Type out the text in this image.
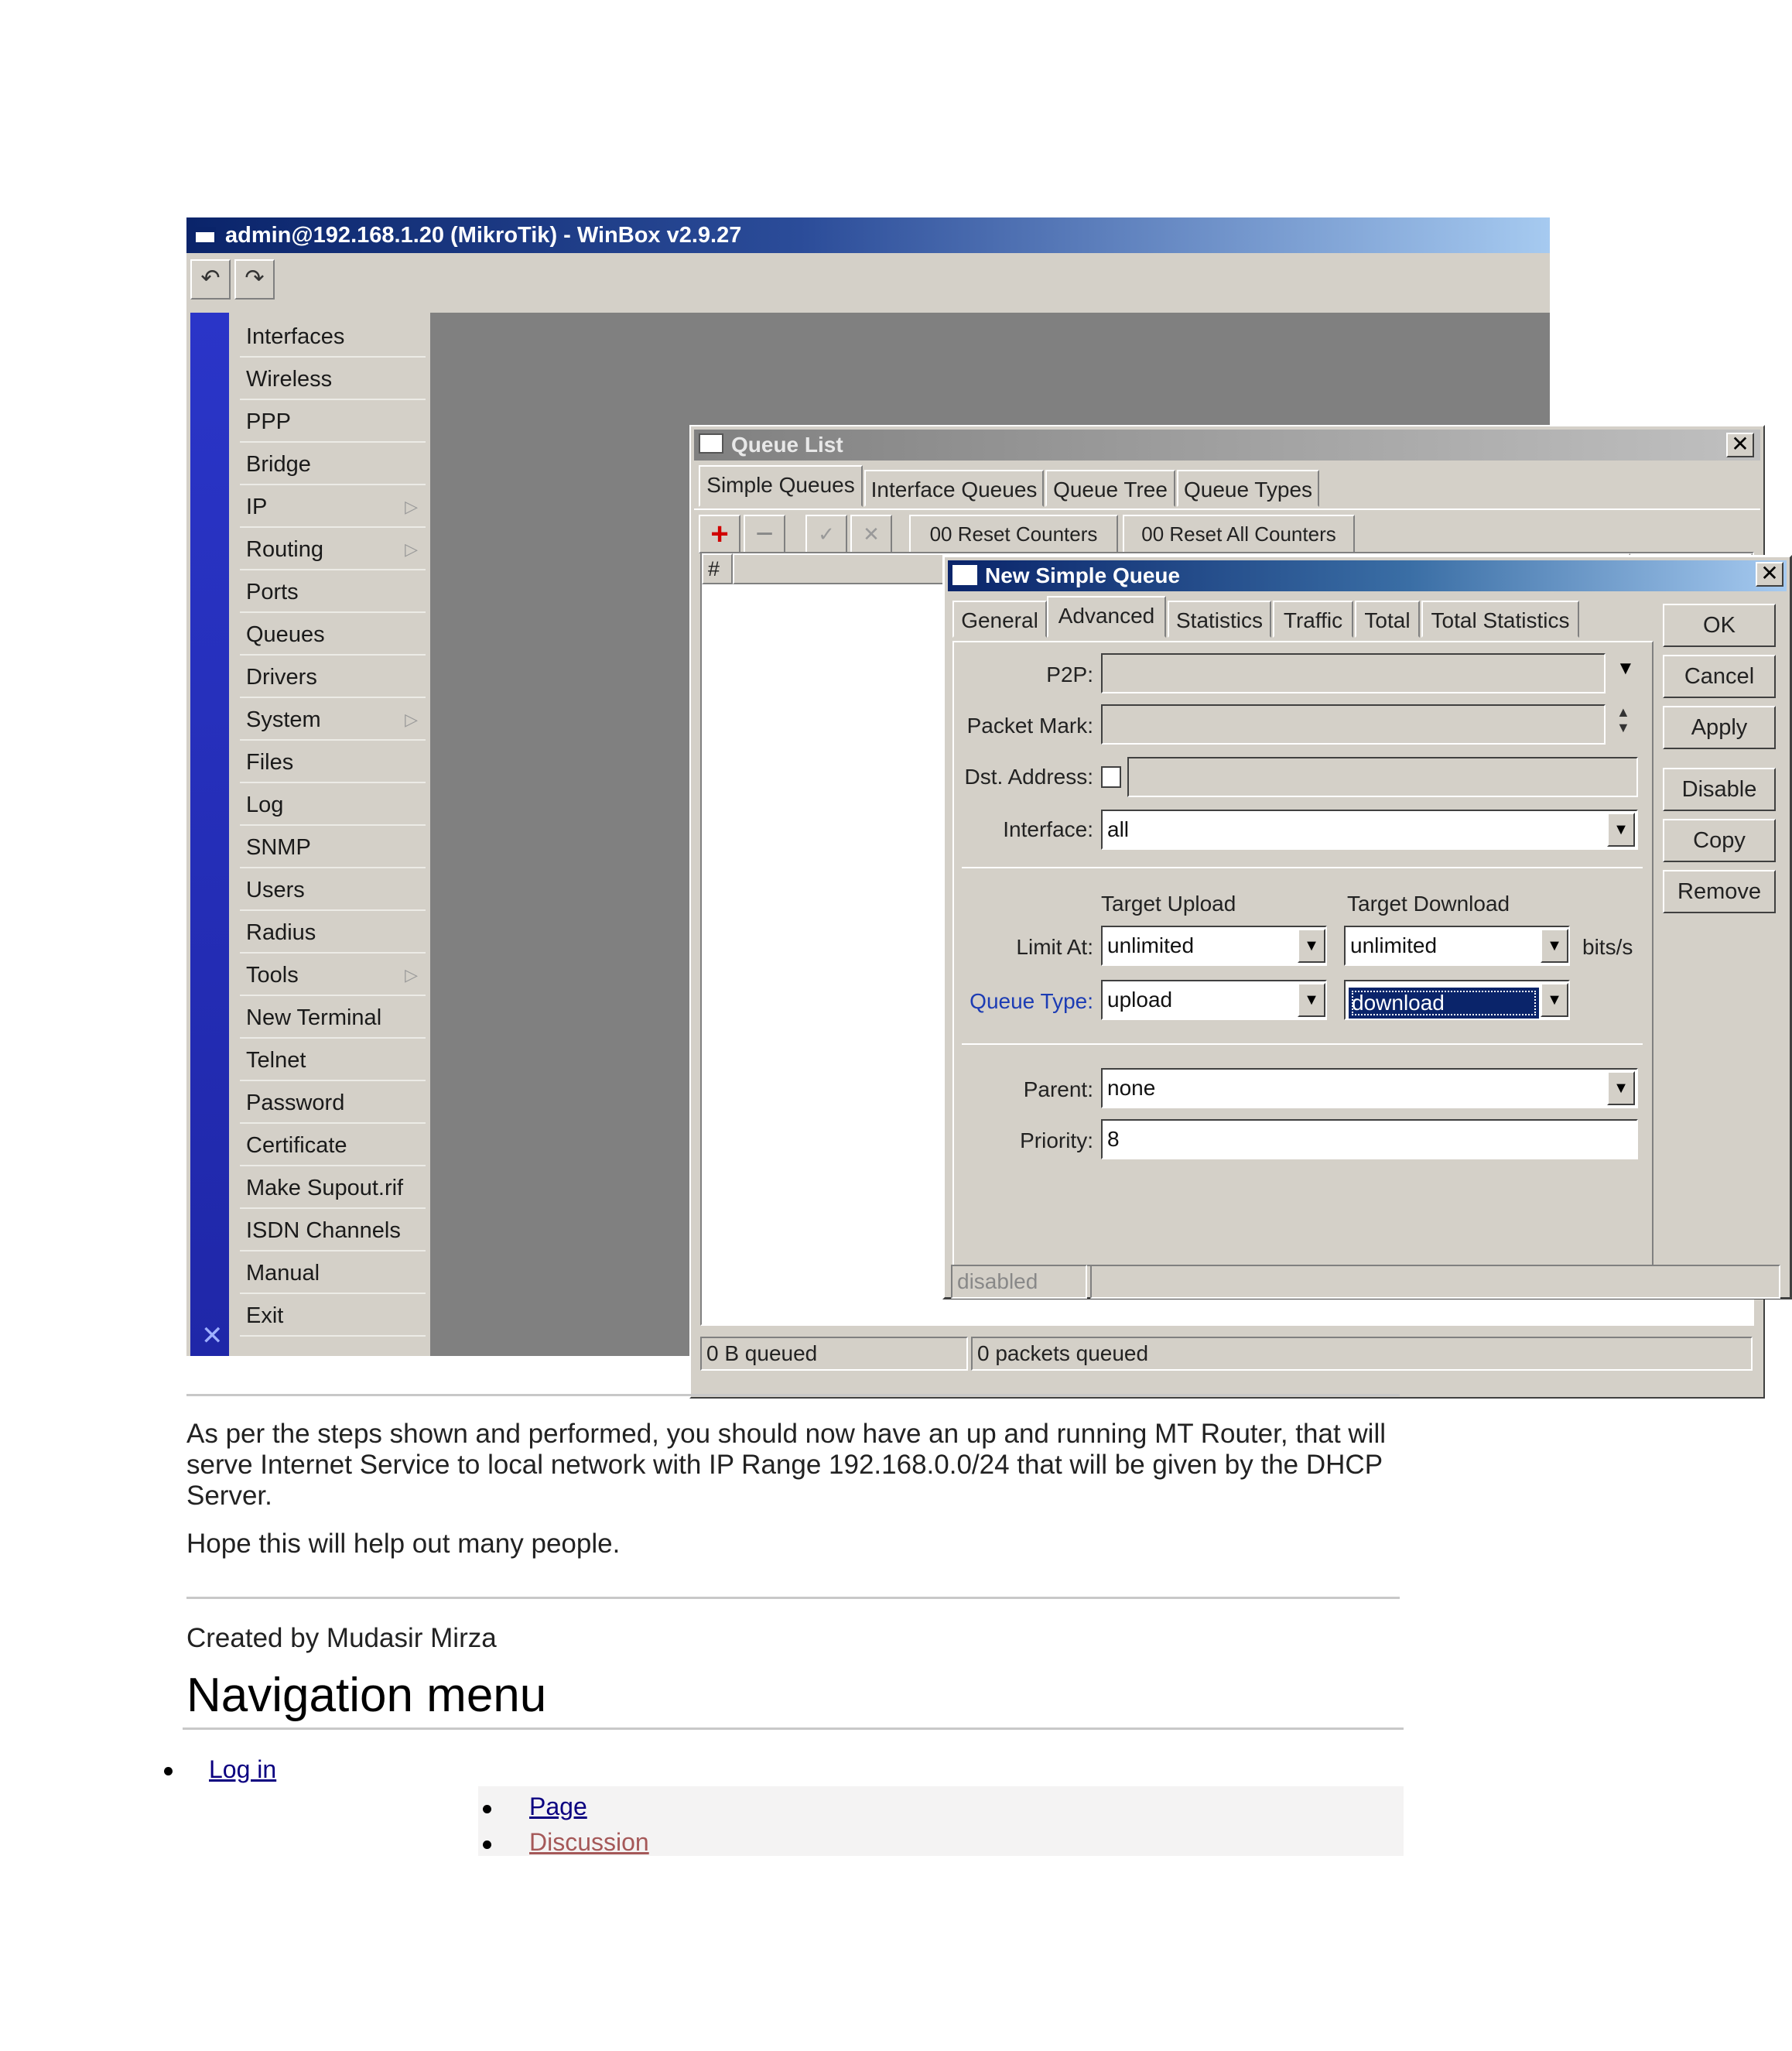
admin@192.168.1.20 (MikroTik) - WinBox v2.9.27
↶	↷
✕
Interfaces
Wireless
PPP
Bridge
IP	▷
Routing	▷
Ports
Queues
Drivers
System	▷
Files
Log
SNMP
Users
Radius
Tools	▷
New Terminal
Telnet
Password
Certificate
Make Supout.rif
ISDN Channels
Manual
Exit
Queue List	✕
Simple Queues Interface Queues Queue Tree Queue Types
+ −	✓	✕	00 Reset Counters	00 Reset All Counters
#
0 B queued	0 packets queued
New Simple Queue	✕
General Advanced Statistics Traffic	Total Total Statistics
P2P:	▼
Packet Mark:
▲
▼
Dst. Address:
Interface: all	▼
Target Upload	Target Download
Limit At: unlimited	▼ unlimited	▼ bits/s
Queue Type: upload	▼	download	▼
Parent: none	▼
Priority: 8
OK
Cancel
Apply
Disable
Copy
Remove
disabled
As per the steps shown and performed, you should now have an up and running MT Router, that will serve Internet Service to local network with IP Range 192.168.0.0/24 that will be given by the DHCP Server.
Hope this will help out many people.
Created by Mudasir Mirza
Navigation menu
Log in
Page
Discussion
